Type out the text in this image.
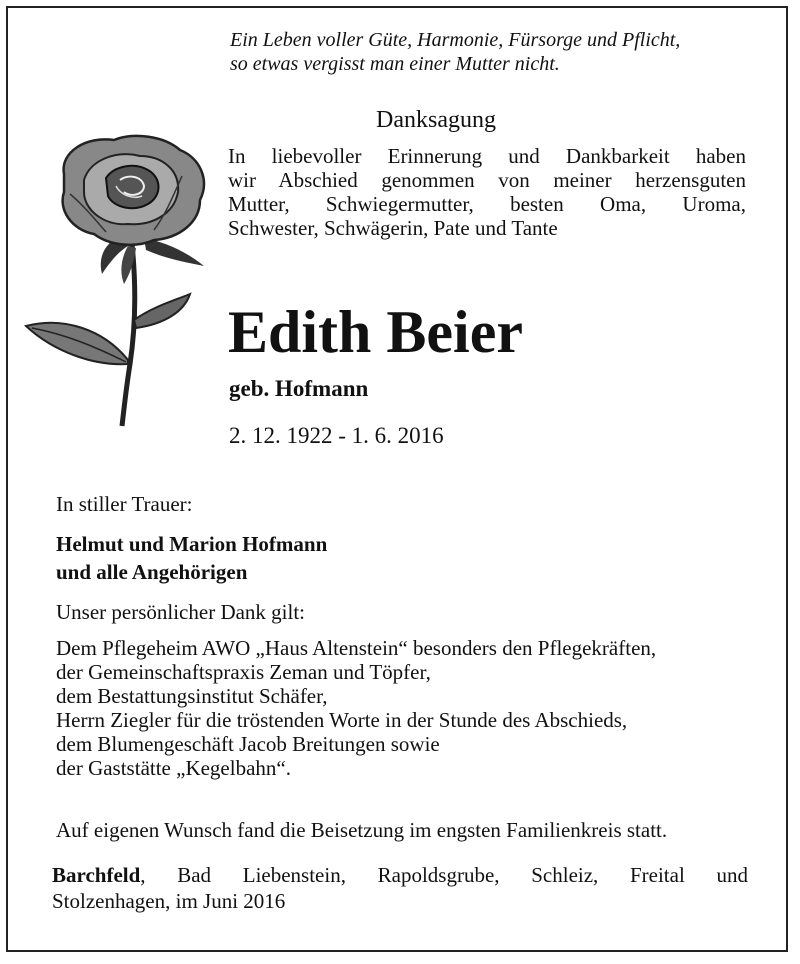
Ein Leben voller Güte, Harmonie, Fürsorge und Pflicht,
so etwas vergisst man einer Mutter nicht.
Danksagung
In liebevoller Erinnerung und Dankbarkeit haben
wir Abschied genommen von meiner herzensguten
Mutter, Schwiegermutter, besten Oma, Uroma,
Schwester, Schwägerin, Pate und Tante
Edith Beier
geb. Hofmann
2. 12. 1922 - 1. 6. 2016
In stiller Trauer:
Helmut und Marion Hofmann
und alle Angehörigen
Unser persönlicher Dank gilt:
Dem Pflegeheim AWO „Haus Altenstein“ besonders den Pflegekräften,
der Gemeinschaftspraxis Zeman und Töpfer,
dem Bestattungsinstitut Schäfer,
Herrn Ziegler für die tröstenden Worte in der Stunde des Abschieds,
dem Blumengeschäft Jacob Breitungen sowie
der Gaststätte „Kegelbahn“.
Auf eigenen Wunsch fand die Beisetzung im engsten Familienkreis statt.
Barchfeld, Bad Liebenstein, Rapoldsgrube, Schleiz, Freital und
Stolzenhagen, im Juni 2016
